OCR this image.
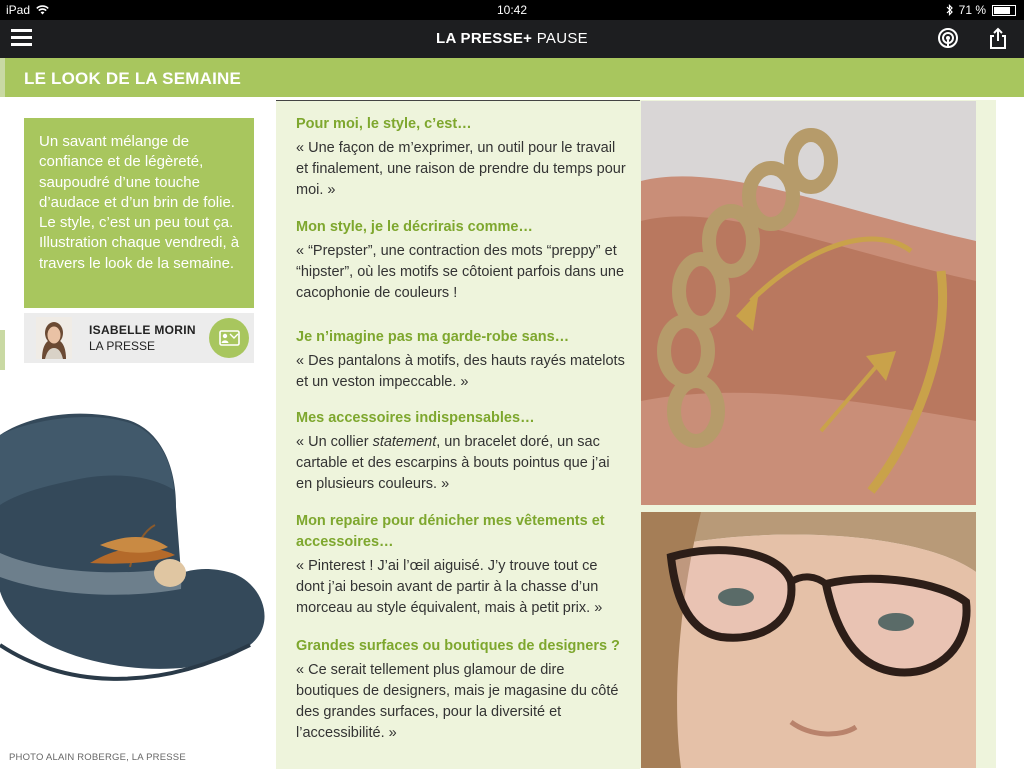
iPad	10:42	71 %
LA PRESSE+ PAUSE
LE LOOK DE LA SEMAINE

Un savant mélange de confiance et de légèreté, saupoudré d’une touche d’audace et d’un brin de folie. Le style, c’est un peu tout ça. Illustration chaque vendredi, à travers le look de la semaine.

ISABELLE MORIN
LA PRESSE
PHOTO ALAIN ROBERGE, LA PRESSE
Pour moi, le style, c’est…
« Une façon de m’exprimer, un outil pour le travail et finalement, une raison de prendre du temps pour moi. »
Mon style, je le décrirais comme…
« “Prepster”, une contraction des mots “preppy” et “hipster”, où les motifs se côtoient parfois dans une cacophonie de couleurs !
Je n’imagine pas ma garde-robe sans…
« Des pantalons à motifs, des hauts rayés matelots et un veston impeccable. »
Mes accessoires indispensables…
« Un collier statement, un bracelet doré, un sac cartable et des escarpins à bouts pointus que j’ai en plusieurs couleurs. »
Mon repaire pour dénicher mes vêtements et accessoires…
« Pinterest ! J’ai l’œil aiguisé. J’y trouve tout ce dont j’ai besoin avant de partir à la chasse d’un morceau au style équivalent, mais à petit prix. »
Grandes surfaces ou boutiques de designers ?
« Ce serait tellement plus glamour de dire boutiques de designers, mais je magasine du côté des grandes surfaces, pour la diversité et l’accessibilité. »
